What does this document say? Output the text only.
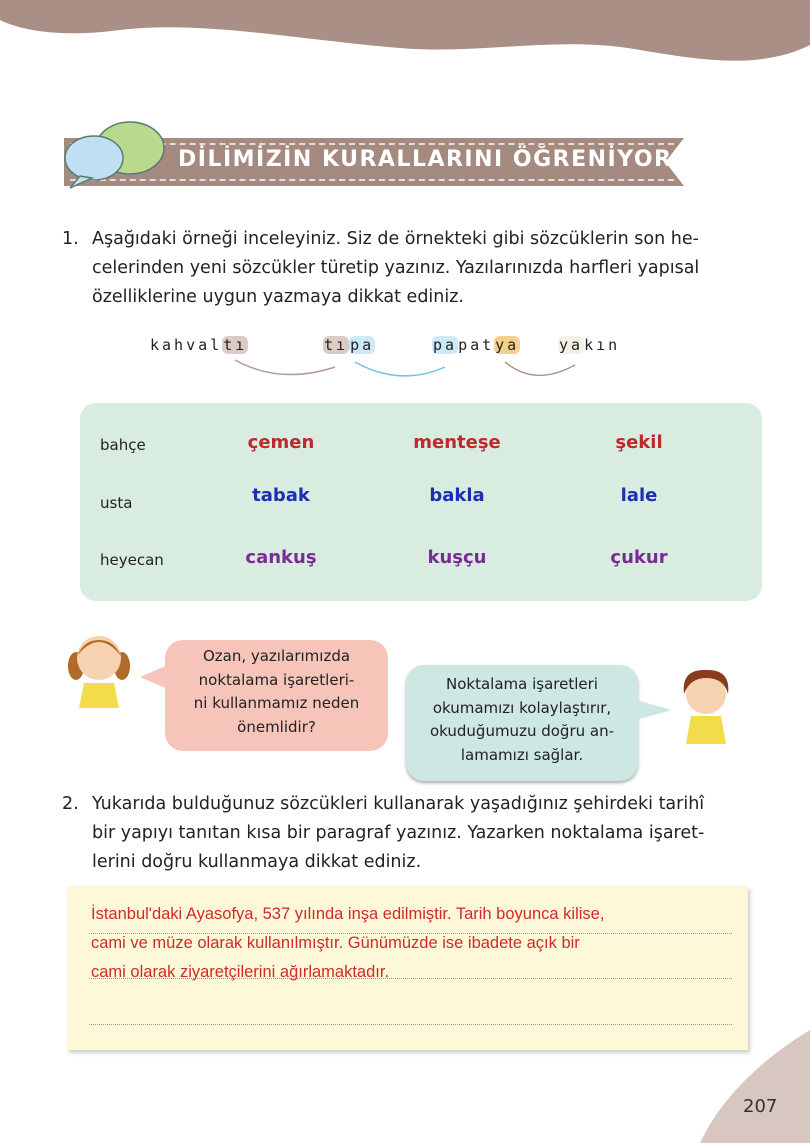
DİLİMİZİN KURALLARINI ÖĞRENİYORUZ
1. Aşağıdaki örneği inceleyiniz. Siz de örnekteki gibi sözcüklerin son he-
celerinden yeni sözcükler türetip yazınız. Yazılarınızda harfleri yapısal
özelliklerine uygun yazmaya dikkat ediniz.
kahvaltı	tı pa	papatya	yakın
bahçe	çemen	menteşe	şekil
usta	tabak	bakla	lale
heyecan	cankuş	kuşçu	çukur
Ozan, yazılarımızda
noktalama işaretleri-
ni kullanmamız neden
önemlidir?
Noktalama işaretleri
okumamızı kolaylaştırır,
okuduğumuzu doğru an-
lamamızı sağlar.
2. Yukarıda bulduğunuz sözcükleri kullanarak yaşadığınız şehirdeki tarihî
bir yapıyı tanıtan kısa bir paragraf yazınız. Yazarken noktalama işaret-
lerini doğru kullanmaya dikkat ediniz.
İstanbul'daki Ayasofya, 537 yılında inşa edilmiştir. Tarih boyunca kilise,
cami ve müze olarak kullanılmıştır. Günümüzde ise ibadete açık bir
cami olarak ziyaretçilerini ağırlamaktadır.
207
